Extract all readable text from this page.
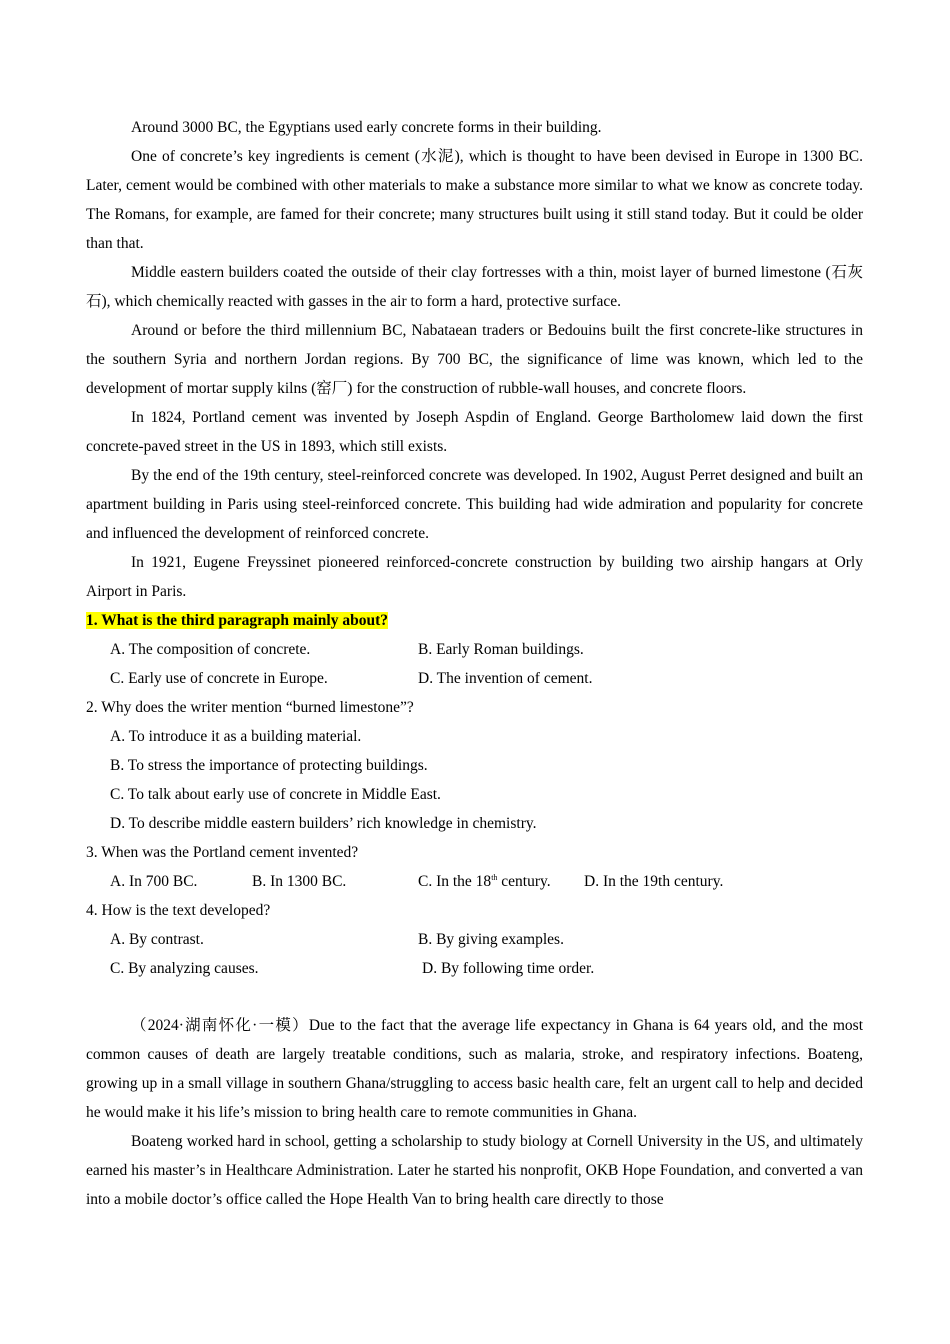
Around 3000 BC, the Egyptians used early concrete forms in their building.

One of concrete’s key ingredients is cement (水泥), which is thought to have been devised in Europe in 1300 BC. Later, cement would be combined with other materials to make a substance more similar to what we know as concrete today. The Romans, for example, are famed for their concrete; many structures built using it still stand today. But it could be older than that.

Middle eastern builders coated the outside of their clay fortresses with a thin, moist layer of burned limestone (石灰石), which chemically reacted with gasses in the air to form a hard, protective surface.

Around or before the third millennium BC, Nabataean traders or Bedouins built the first concrete-like structures in the southern Syria and northern Jordan regions. By 700 BC, the significance of lime was known, which led to the development of mortar supply kilns (窑厂) for the construction of rubble-wall houses, and concrete floors.

In 1824, Portland cement was invented by Joseph Aspdin of England. George Bartholomew laid down the first concrete-paved street in the US in 1893, which still exists.

By the end of the 19th century, steel-reinforced concrete was developed. In 1902, August Perret designed and built an apartment building in Paris using steel-reinforced concrete. This building had wide admiration and popularity for concrete and influenced the development of reinforced concrete.

In 1921, Eugene Freyssinet pioneered reinforced-concrete construction by building two airship hangars at Orly Airport in Paris.

1. What is the third paragraph mainly about?
A. The composition of concrete.	B. Early Roman buildings.
C. Early use of concrete in Europe.	D. The invention of cement.
2. Why does the writer mention “burned limestone”?
A. To introduce it as a building material.
B. To stress the importance of protecting buildings.
C. To talk about early use of concrete in Middle East.
D. To describe middle eastern builders’ rich knowledge in chemistry.
3. When was the Portland cement invented?
A. In 700 BC.	B. In 1300 BC.	C. In the 18th century.	D. In the 19th century.
4. How is the text developed?
A. By contrast.	B. By giving examples.
C. By analyzing causes.	D. By following time order.

（2024·湖南怀化·一模）Due to the fact that the average life expectancy in Ghana is 64 years old, and the most common causes of death are largely treatable conditions, such as malaria, stroke, and respiratory infections. Boateng, growing up in a small village in southern Ghana/struggling to access basic health care, felt an urgent call to help and decided he would make it his life’s mission to bring health care to remote communities in Ghana.

Boateng worked hard in school, getting a scholarship to study biology at Cornell University in the US, and ultimately earned his master’s in Healthcare Administration. Later he started his nonprofit, OKB Hope Foundation, and converted a van into a mobile doctor’s office called the Hope Health Van to bring health care directly to those
